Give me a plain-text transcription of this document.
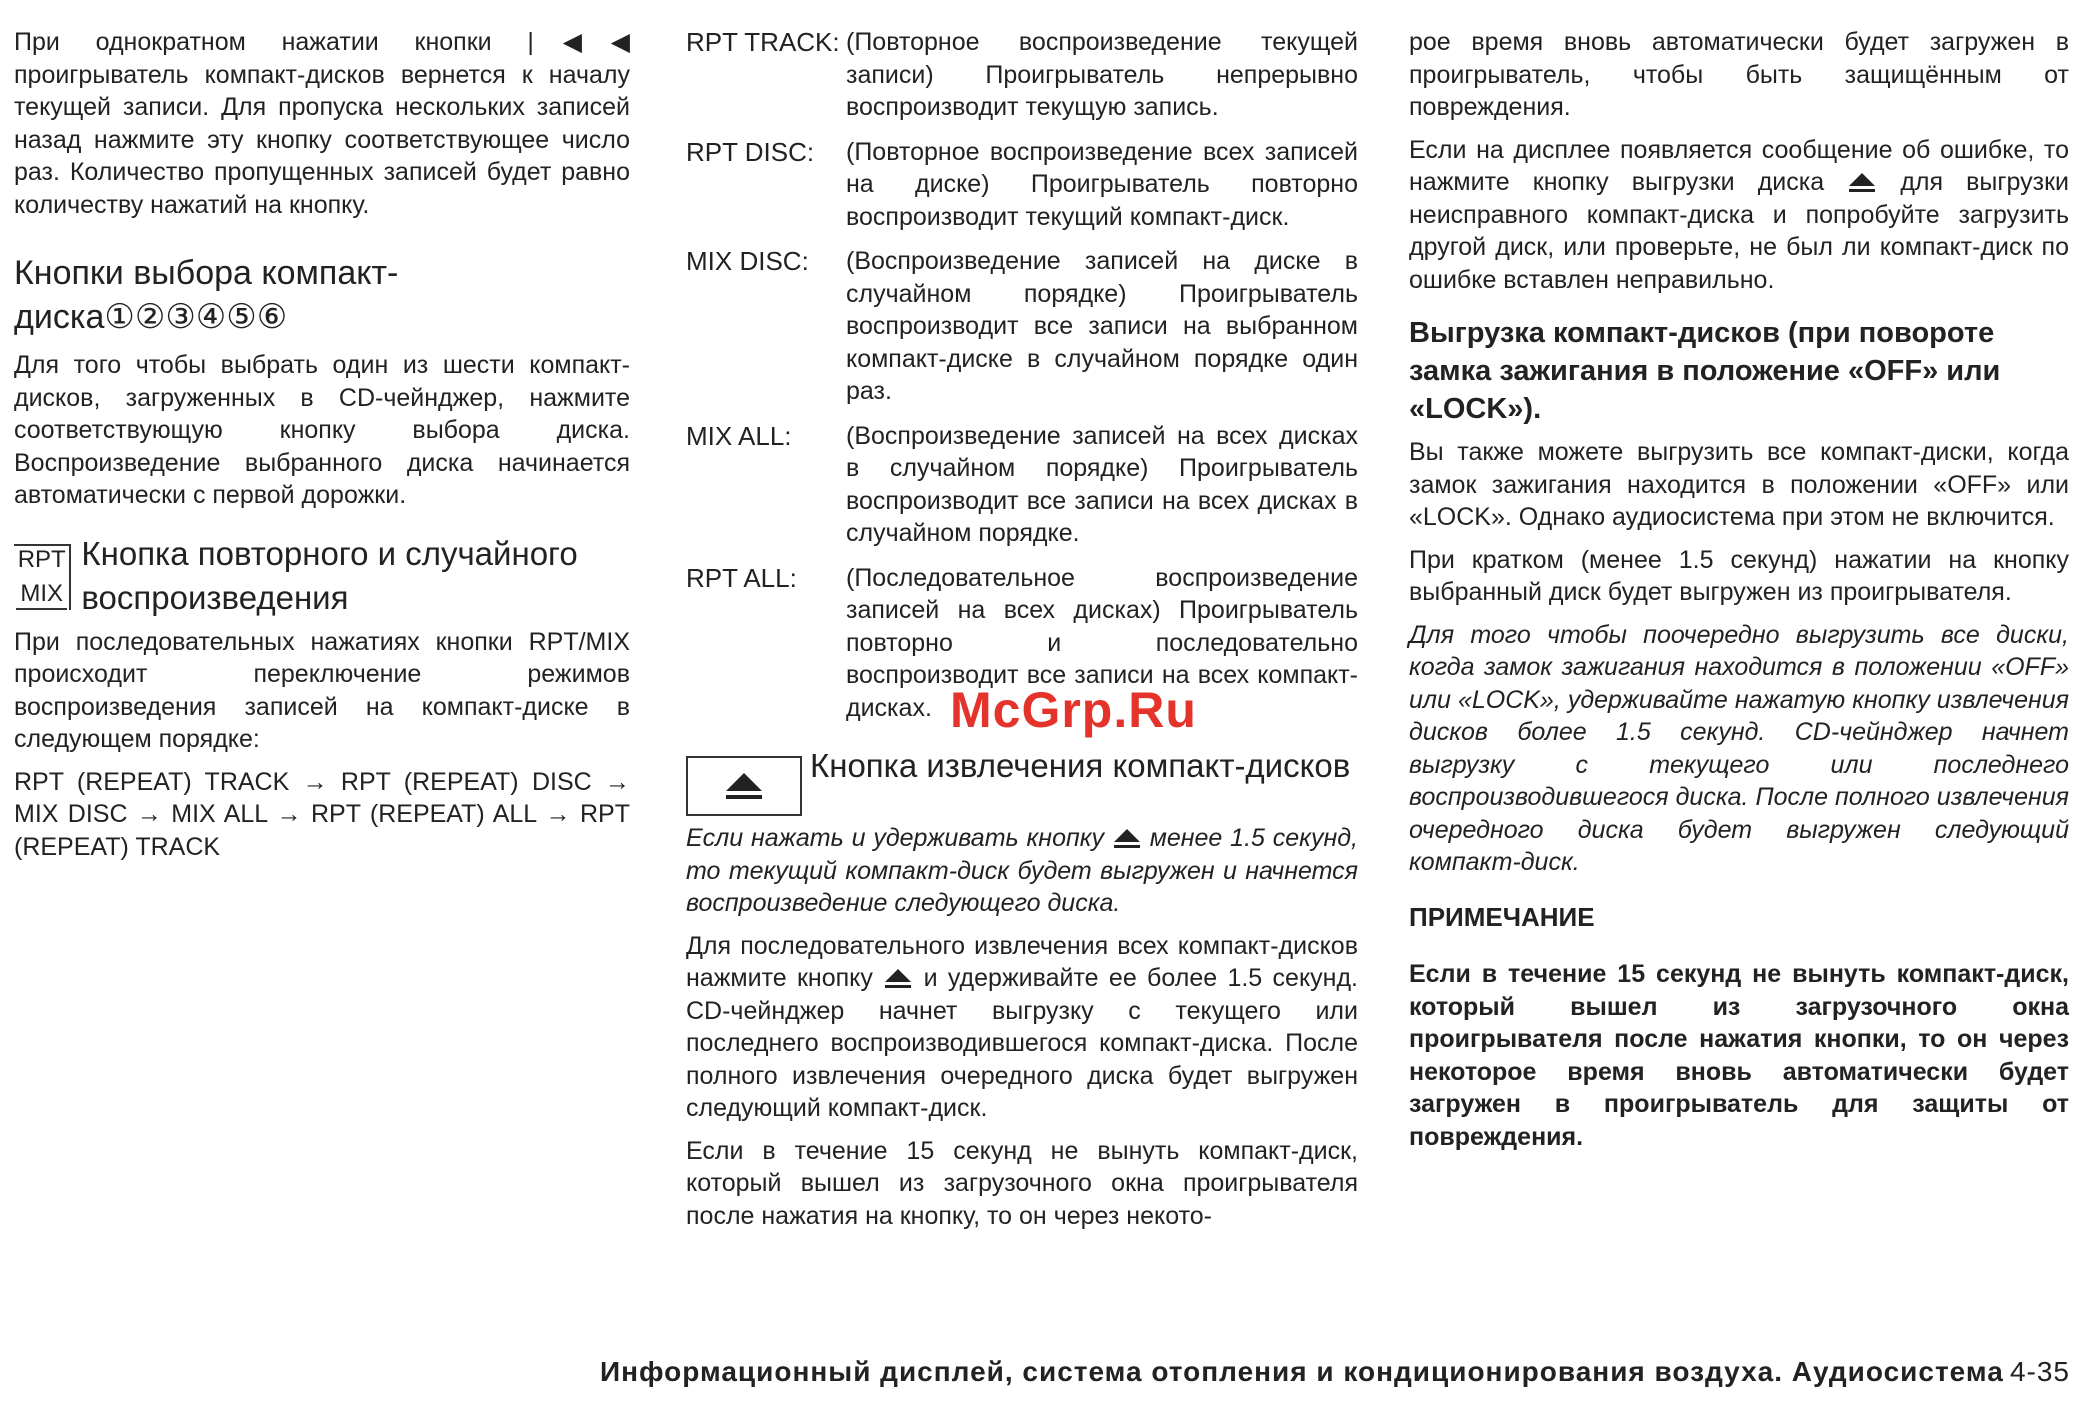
При однократном нажатии кнопки |◀◀ проигрыватель компакт-дисков вернется к началу текущей записи. Для пропуска нескольких записей назад нажмите эту кнопку соответствующее число раз. Количество пропущенных записей будет равно количеству нажатий на кнопку.

Кнопки выбора компакт-диска①②③④⑤⑥

Для того чтобы выбрать один из шести компакт-дисков, загруженных в CD-чейнджер, нажмите соответствующую кнопку выбора диска. Воспроизведение выбранного диска начинается автоматически с первой дорожки.

RPT
MIX
Кнопка повторного и случайного воспроизведения

При последовательных нажатиях кнопки RPT/MIX происходит переключение режимов воспроизведения записей на компакт-диске в следующем порядке:

RPT (REPEAT) TRACK → RPT (REPEAT) DISC → MIX DISC → MIX ALL → RPT (REPEAT) ALL → RPT (REPEAT) TRACK

RPT TRACK: (Повторное воспроизведение текущей записи) Проигрыватель непрерывно воспроизводит текущую запись.
RPT DISC:	(Повторное воспроизведение всех записей на диске) Проигрыватель повторно воспроизводит текущий компакт-диск.
MIX DISC:	(Воспроизведение записей на диске в случайном порядке) Проигрыватель воспроизводит все записи на выбранном компакт-диске в случайном порядке один раз.
MIX ALL:	(Воспроизведение записей на всех дисках в случайном порядке) Проигрыватель воспроизводит все записи на всех дисках в случайном порядке.
RPT ALL:	(Последовательное воспроизведение записей на всех дисках) Проигрыватель повторно и последовательно воспроизводит все записи на всех компакт-дисках.
Кнопка извлечения компакт-дисков

Если нажать и удерживать кнопку менее 1.5 секунд, то текущий компакт-диск будет выгружен и начнется воспроизведение следующего диска.

Для последовательного извлечения всех компакт-дисков нажмите кнопку и удерживайте ее более 1.5 секунд. CD-чейнджер начнет выгрузку с текущего или последнего воспроизводившегося компакт-диска. После полного извлечения очередного диска будет выгружен следующий компакт-диск.

Если в течение 15 секунд не вынуть компакт-диск, который вышел из загрузочного окна проигрывателя после нажатия на кнопку, то он через некото-

рое время вновь автоматически будет загружен в проигрыватель, чтобы быть защищённым от повреждения.

Если на дисплее появляется сообщение об ошибке, то нажмите кнопку выгрузки диска	для выгрузки неисправного компакт-диска и попробуйте загрузить другой диск, или проверьте, не был ли компакт-диск по ошибке вставлен неправильно.

Выгрузка компакт-дисков (при повороте замка зажигания в положение «OFF» или «LOCK»).

Вы также можете выгрузить все компакт-диски, когда замок зажигания находится в положении «OFF» или «LOCK». Однако аудиосистема при этом не включится.

При кратком (менее 1.5 секунд) нажатии на кнопку выбранный диск будет выгружен из проигрывателя.

Для того чтобы поочередно выгрузить все диски, когда замок зажигания находится в положении «OFF» или «LOCK», удерживайте нажатую кнопку извлечения дисков более 1.5 секунд. CD-чейнджер начнет выгрузку с текущего или последнего воспроизводившегося диска. После полного извлечения очередного диска будет выгружен следующий компакт-диск.

ПРИМЕЧАНИЕ

Если в течение 15 секунд не вынуть компакт-диск, который вышел из загрузочного окна проигрывателя после нажатия кнопки, то он через некоторое время вновь автоматически будет загружен в проигрыватель для защиты от повреждения.

McGrp.Ru
Информационный дисплей, система отопления и кондиционирования воздуха. Аудиосистема 4-35
